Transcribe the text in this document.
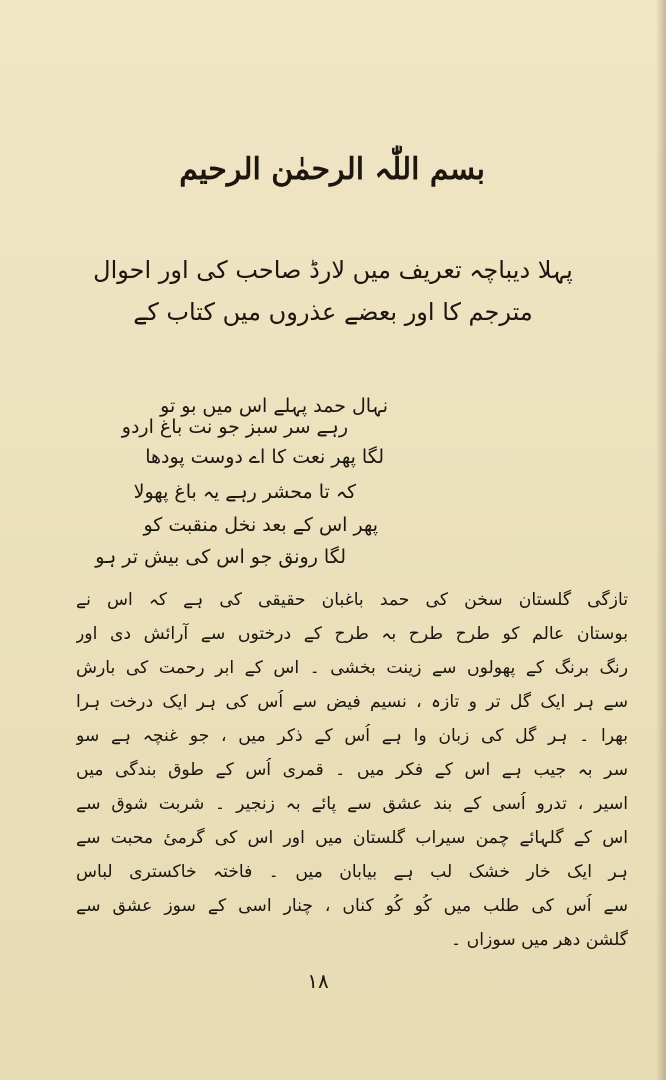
بسم اللّٰہ الرحمٰن الرحیم
پہلا دیباچہ تعریف میں لارڈ صاحب کی اور احوال
مترجم کا اور بعضے عذروں میں کتاب کے
نہال حمد پہلے اس میں بو تو
رہے سر سبز جو نت باغ اردو
لگا پھر نعت کا اے دوست پودھا
کہ تا محشر رہے یہ باغ پھولا
پھر اس کے بعد نخل منقبت کو
لگا رونق جو اس کی بیش تر ہو
تازگی گلستان سخن کی حمد باغبان حقیقی کی ہے کہ اس نے
بوستان عالم کو طرح طرح بہ طرح کے درختوں سے آرائش دی اور
رنگ برنگ کے پھولوں سے زینت بخشی ۔ اس کے ابر رحمت کی بارش
سے ہر ایک گل تر و تازہ ، نسیم فیض سے اُس کی ہر ایک درخت ہرا
بھرا ۔ ہر گل کی زبان وا ہے اُس کے ذکر میں ، جو غنچہ ہے سو
سر بہ جیب ہے اس کے فکر میں ۔ قمری اُس کے طوق بندگی میں
اسیر ، تدرو اُسی کے بند عشق سے پائے بہ زنجیر ۔ شربت شوق سے
اس کے گلہائے چمن سیراب گلستان میں اور اس کی گرمیٔ محبت سے
ہر ایک خار خشک لب ہے بیابان میں ۔ فاختہ خاکستری لباس
سے اُس کی طلب میں کُو کُو کناں ، چنار اسی کے سوز عشق سے
گلشن دھر میں سوزاں ۔
۱۸
